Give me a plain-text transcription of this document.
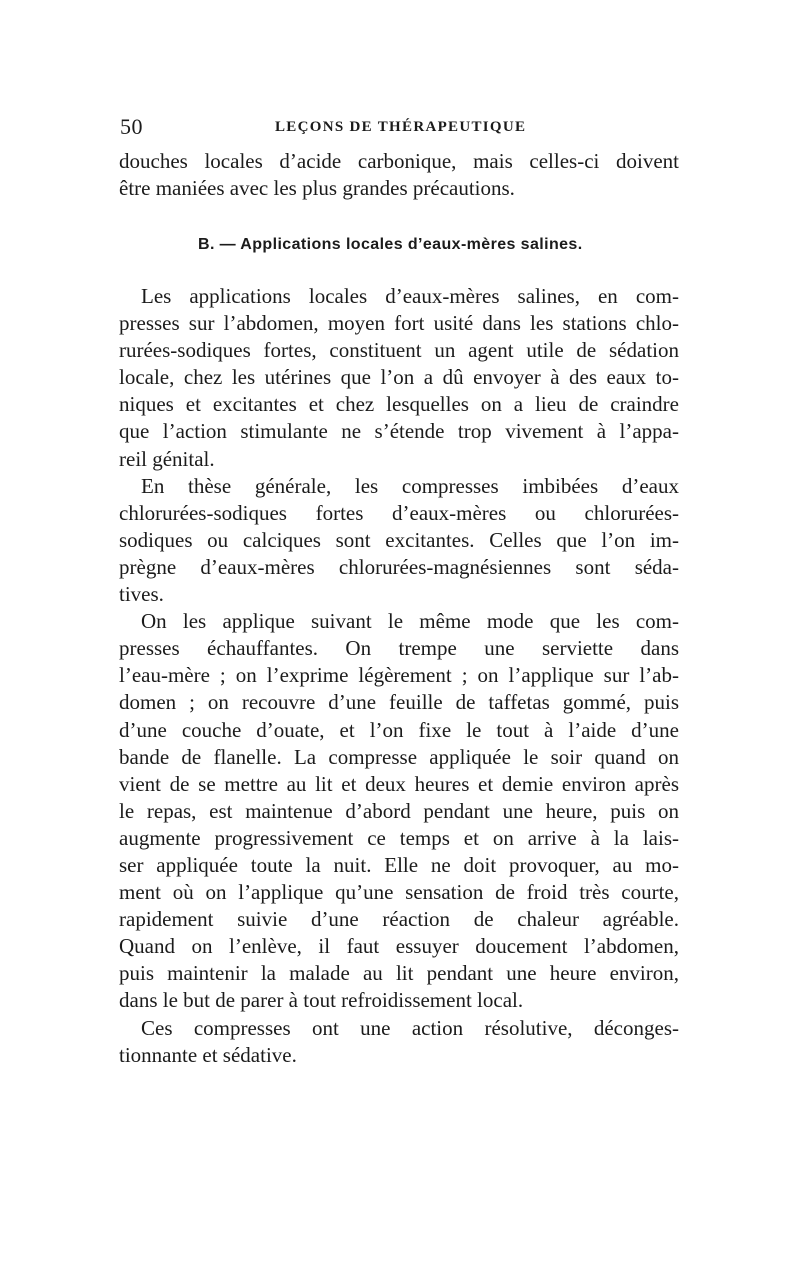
50	LEÇONS DE THÉRAPEUTIQUE
douches locales d’acide carbonique, mais celles-ci doivent
être maniées avec les plus grandes précautions.
B. — Applications locales d’eaux-mères salines.
Les applications locales d’eaux-mères salines, en com-
presses sur l’abdomen, moyen fort usité dans les stations chlo-
rurées-sodiques fortes, constituent un agent utile de sédation
locale, chez les utérines que l’on a dû envoyer à des eaux to-
niques et excitantes et chez lesquelles on a lieu de craindre
que l’action stimulante ne s’étende trop vivement à l’appa-
reil génital.
En thèse générale, les compresses imbibées d’eaux
chlorurées-sodiques fortes d’eaux-mères ou chlorurées-
sodiques ou calciques sont excitantes. Celles que l’on im-
prègne d’eaux-mères chlorurées-magnésiennes sont séda-
tives.
On les applique suivant le même mode que les com-
presses échauffantes. On trempe une serviette dans
l’eau-mère ; on l’exprime légèrement ; on l’applique sur l’ab-
domen ; on recouvre d’une feuille de taffetas gommé, puis
d’une couche d’ouate, et l’on fixe le tout à l’aide d’une
bande de flanelle. La compresse appliquée le soir quand on
vient de se mettre au lit et deux heures et demie environ après
le repas, est maintenue d’abord pendant une heure, puis on
augmente progressivement ce temps et on arrive à la lais-
ser appliquée toute la nuit. Elle ne doit provoquer, au mo-
ment où on l’applique qu’une sensation de froid très courte,
rapidement suivie d’une réaction de chaleur agréable.
Quand on l’enlève, il faut essuyer doucement l’abdomen,
puis maintenir la malade au lit pendant une heure environ,
dans le but de parer à tout refroidissement local.
Ces compresses ont une action résolutive, déconges-
tionnante et sédative.
